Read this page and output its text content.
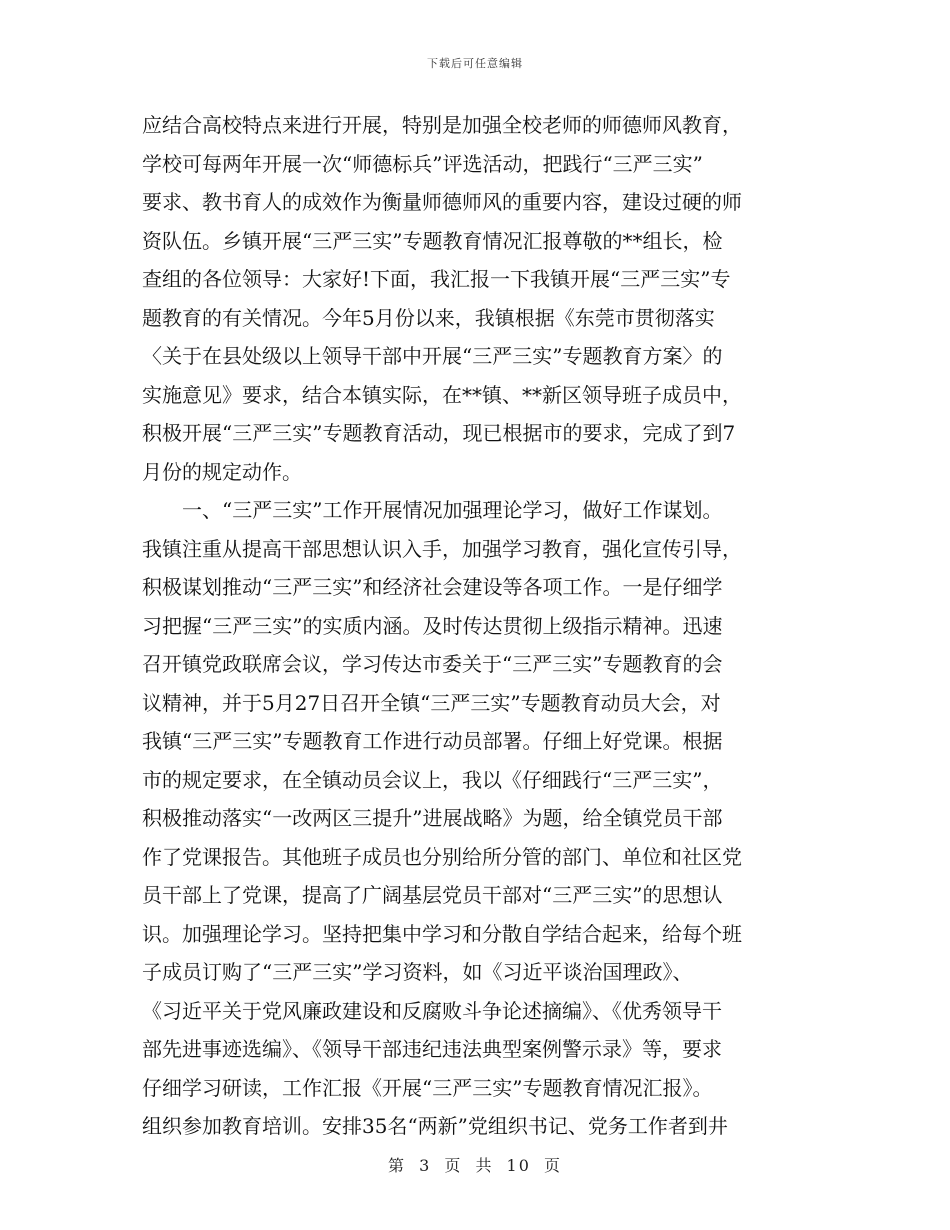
下载后可任意编辑
应结合高校特点来进行开展，特别是加强全校老师的师德师风教育，
学校可每两年开展一次“师德标兵”评选活动，把践行“三严三实”
要求、教书育人的成效作为衡量师德师风的重要内容，建设过硬的师
资队伍。乡镇开展“三严三实”专题教育情况汇报尊敬的**组长，检
查组的各位领导：大家好!下面，我汇报一下我镇开展“三严三实”专
题教育的有关情况。今年5月份以来，我镇根据《东莞市贯彻落实
〈关于在县处级以上领导干部中开展“三严三实”专题教育方案〉的
实施意见》要求，结合本镇实际，在**镇、**新区领导班子成员中，
积极开展“三严三实”专题教育活动，现已根据市的要求，完成了到7
月份的规定动作。
一、“三严三实”工作开展情况加强理论学习，做好工作谋划。
我镇注重从提高干部思想认识入手，加强学习教育，强化宣传引导，
积极谋划推动“三严三实”和经济社会建设等各项工作。一是仔细学
习把握“三严三实”的实质内涵。及时传达贯彻上级指示精神。迅速
召开镇党政联席会议，学习传达市委关于“三严三实”专题教育的会
议精神，并于5月27日召开全镇“三严三实”专题教育动员大会，对
我镇“三严三实”专题教育工作进行动员部署。仔细上好党课。根据
市的规定要求，在全镇动员会议上，我以《仔细践行“三严三实”，
积极推动落实“一改两区三提升”进展战略》为题，给全镇党员干部
作了党课报告。其他班子成员也分别给所分管的部门、单位和社区党
员干部上了党课，提高了广阔基层党员干部对“三严三实”的思想认
识。加强理论学习。坚持把集中学习和分散自学结合起来，给每个班
子成员订购了“三严三实”学习资料，如《习近平谈治国理政》、
《习近平关于党风廉政建设和反腐败斗争论述摘编》、《优秀领导干
部先进事迹选编》、《领导干部违纪违法典型案例警示录》等，要求
仔细学习研读，工作汇报《开展“三严三实”专题教育情况汇报》。
组织参加教育培训。安排35名“两新”党组织书记、党务工作者到井
第 3 页 共 10 页
